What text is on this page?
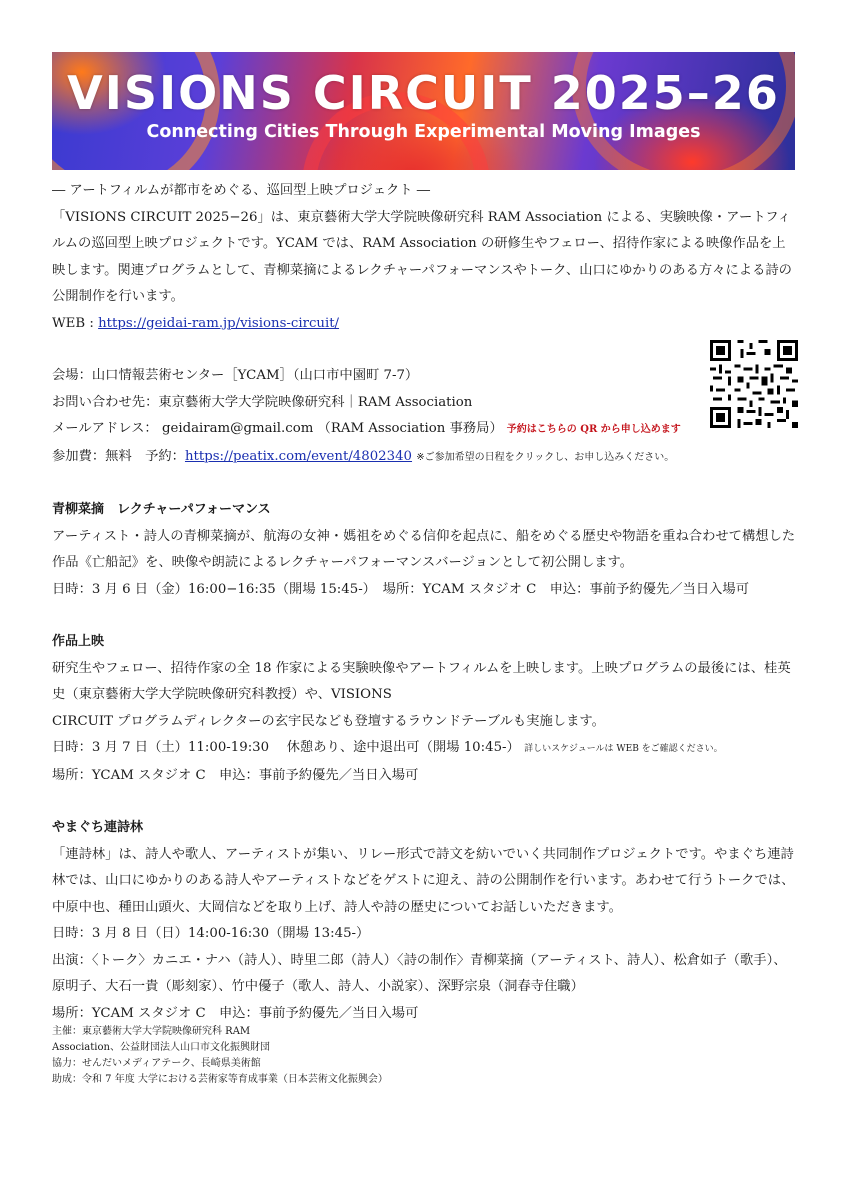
VISIONS CIRCUIT 2025–26
Connecting Cities Through Experimental Moving Images

― アートフィルムが都市をめぐる、巡回型上映プロジェクト ―

「VISIONS CIRCUIT 2025−26」は、東京藝術大学大学院映像研究科 RAM Association による、実験映像・アートフィルムの巡回型上映プロジェクトです。YCAM では、RAM Association の研修生やフェロー、招待作家による映像作品を上映します。関連プログラムとして、青柳菜摘によるレクチャーパフォーマンスやトーク、山口にゆかりのある方々による詩の公開制作を行います。

WEB : https://geidai-ram.jp/visions-circuit/

会場：山口情報芸術センター［YCAM］（山口市中園町 7-7）

お問い合わせ先：東京藝術大学大学院映像研究科｜RAM Association

メールアドレス： geidairam@gmail.com （RAM Association 事務局） 予約はこちらの QR から申し込めます

参加費：無料　予約：https://peatix.com/event/4802340 ※ご参加希望の日程をクリックし、お申し込みください。

青柳菜摘　レクチャーパフォーマンス

アーティスト・詩人の青柳菜摘が、航海の女神・媽祖をめぐる信仰を起点に、船をめぐる歴史や物語を重ね合わせて構想した作品《亡船記》を、映像や朗読によるレクチャーパフォーマンスバージョンとして初公開します。

日時：3 月 6 日（金）16:00−16:35（開場 15:45-）　場所：YCAM スタジオ C　申込：事前予約優先／当日入場可

作品上映

研究生やフェロー、招待作家の全 18 作家による実験映像やアートフィルムを上映します。上映プログラムの最後には、桂英史（東京藝術大学大学院映像研究科教授）や、VISIONS

CIRCUIT プログラムディレクターの玄宇民なども登壇するラウンドテーブルも実施します。

日時：3 月 7 日（土）11:00-19:30　 休憩あり、途中退出可（開場 10:45-） 詳しいスケジュールは WEB をご確認ください。

場所：YCAM スタジオ C　申込：事前予約優先／当日入場可

やまぐち連詩林

「連詩林」は、詩人や歌人、アーティストが集い、リレー形式で詩文を紡いでいく共同制作プロジェクトです。やまぐち連詩林では、山口にゆかりのある詩人やアーティストなどをゲストに迎え、詩の公開制作を行います。あわせて行うトークでは、中原中也、種田山頭火、大岡信などを取り上げ、詩人や詩の歴史についてお話しいただきます。

日時：3 月 8 日（日）14:00-16:30（開場 13:45-）

出演：〈トーク〉カニエ・ナハ（詩人）、時里二郎（詩人）〈詩の制作〉青柳菜摘（アーティスト、詩人）、松倉如子（歌手）、原明子、大石一貴（彫刻家）、竹中優子（歌人、詩人、小説家）、深野宗泉（洞春寺住職）

場所：YCAM スタジオ C　申込：事前予約優先／当日入場可

主催：東京藝術大学大学院映像研究科 RAM

Association、公益財団法人山口市文化振興財団

協力：せんだいメディアテーク、長崎県美術館

助成：令和 7 年度 大学における芸術家等育成事業（日本芸術文化振興会）
